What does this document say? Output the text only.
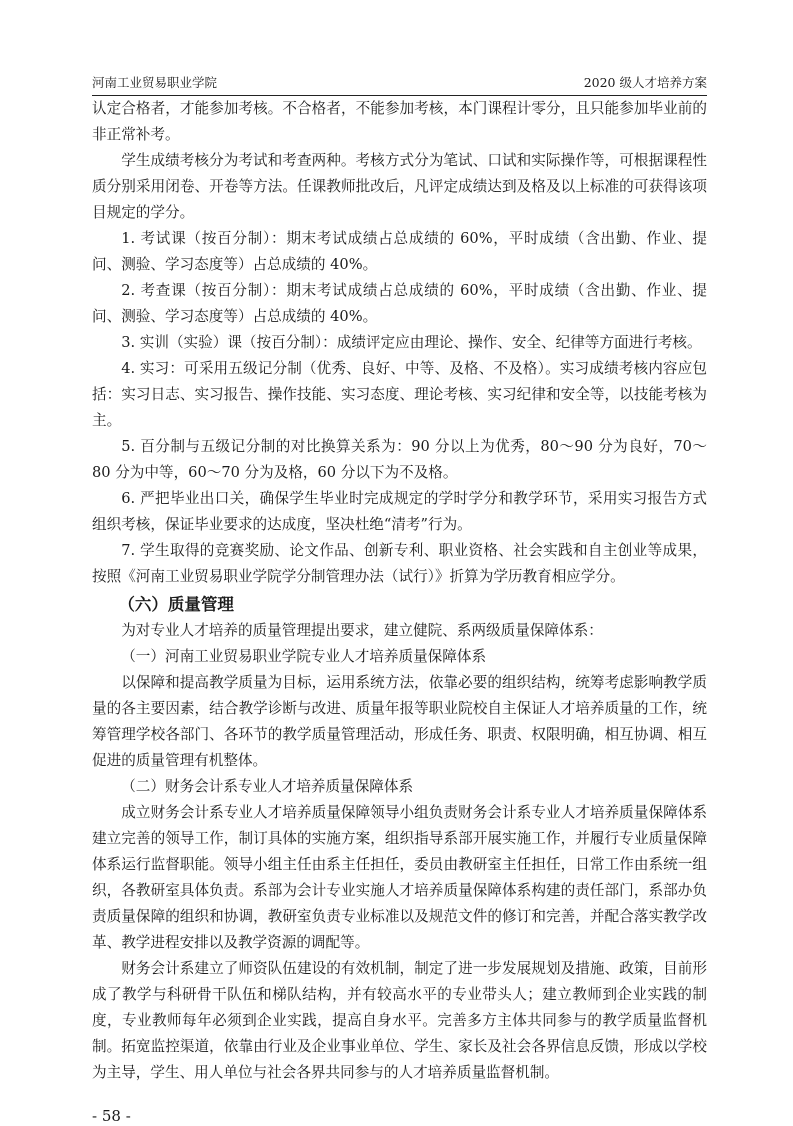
河南工业贸易职业学院	2020 级人才培养方案

认定合格者，才能参加考核。不合格者，不能参加考核，本门课程计零分，且只能参加毕业前的非正常补考。

学生成绩考核分为考试和考查两种。考核方式分为笔试、口试和实际操作等，可根据课程性质分别采用闭卷、开卷等方法。任课教师批改后，凡评定成绩达到及格及以上标准的可获得该项目规定的学分。

1. 考试课（按百分制）：期末考试成绩占总成绩的 60%，平时成绩（含出勤、作业、提问、测验、学习态度等）占总成绩的 40%。

2. 考查课（按百分制）：期末考试成绩占总成绩的 60%，平时成绩（含出勤、作业、提问、测验、学习态度等）占总成绩的 40%。

3. 实训（实验）课（按百分制）：成绩评定应由理论、操作、安全、纪律等方面进行考核。

4. 实习：可采用五级记分制（优秀、良好、中等、及格、不及格）。实习成绩考核内容应包括：实习日志、实习报告、操作技能、实习态度、理论考核、实习纪律和安全等，以技能考核为主。

5. 百分制与五级记分制的对比换算关系为：90 分以上为优秀，80～90 分为良好，70～80 分为中等，60～70 分为及格，60 分以下为不及格。

6. 严把毕业出口关，确保学生毕业时完成规定的学时学分和教学环节，采用实习报告方式组织考核，保证毕业要求的达成度，坚决杜绝“清考”行为。

7. 学生取得的竞赛奖励、论文作品、创新专利、职业资格、社会实践和自主创业等成果，按照《河南工业贸易职业学院学分制管理办法（试行）》折算为学历教育相应学分。

（六）质量管理

为对专业人才培养的质量管理提出要求，建立健院、系两级质量保障体系：

（一）河南工业贸易职业学院专业人才培养质量保障体系

以保障和提高教学质量为目标，运用系统方法，依靠必要的组织结构，统筹考虑影响教学质量的各主要因素，结合教学诊断与改进、质量年报等职业院校自主保证人才培养质量的工作，统筹管理学校各部门、各环节的教学质量管理活动，形成任务、职责、权限明确，相互协调、相互促进的质量管理有机整体。

（二）财务会计系专业人才培养质量保障体系

成立财务会计系专业人才培养质量保障领导小组负责财务会计系专业人才培养质量保障体系建立完善的领导工作，制订具体的实施方案，组织指导系部开展实施工作，并履行专业质量保障体系运行监督职能。领导小组主任由系主任担任，委员由教研室主任担任，日常工作由系统一组织，各教研室具体负责。系部为会计专业实施人才培养质量保障体系构建的责任部门，系部办负责质量保障的组织和协调，教研室负责专业标准以及规范文件的修订和完善，并配合落实教学改革、教学进程安排以及教学资源的调配等。

财务会计系建立了师资队伍建设的有效机制，制定了进一步发展规划及措施、政策，目前形成了教学与科研骨干队伍和梯队结构，并有较高水平的专业带头人；建立教师到企业实践的制度，专业教师每年必须到企业实践，提高自身水平。完善多方主体共同参与的教学质量监督机制。拓宽监控渠道，依靠由行业及企业事业单位、学生、家长及社会各界信息反馈，形成以学校为主导，学生、用人单位与社会各界共同参与的人才培养质量监督机制。

- 58 -
